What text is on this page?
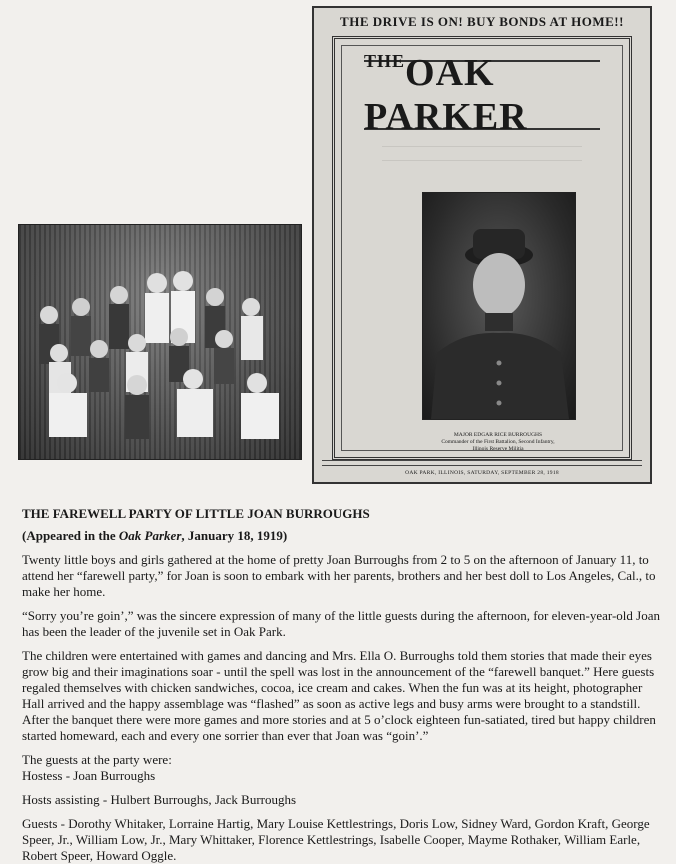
THE DRIVE IS ON! BUY BONDS AT HOME!!
$^{THE}$OAK PARKER
MAJOR EDGAR RICE BURROUGHS
Commander of the First Battalion, Second Infantry,
Illinois Reserve Militia
OAK PARK, ILLINOIS, SATURDAY, SEPTEMBER 28, 1918

THE FAREWELL PARTY OF LITTLE JOAN BURROUGHS

(Appeared in the Oak Parker, January 18, 1919)

Twenty little boys and girls gathered at the home of pretty Joan Burroughs from 2 to 5 on the afternoon of January 11, to attend her “farewell party,” for Joan is soon to embark with her parents, brothers and her best doll to Los Angeles, Cal., to make her home.

“Sorry you’re goin’,” was the sincere expression of many of the little guests during the afternoon, for eleven-year-old Joan has been the leader of the juvenile set in Oak Park.

The children were entertained with games and dancing and Mrs. Ella O. Burroughs told them stories that made their eyes grow big and their imaginations soar - until the spell was lost in the announcement of the “farewell banquet.” Here guests regaled themselves with chicken sandwiches, cocoa, ice cream and cakes. When the fun was at its height, photographer Hall arrived and the happy assemblage was “flashed” as soon as active legs and busy arms were brought to a standstill. After the banquet there were more games and more stories and at 5 o’clock eighteen fun-satiated, tired but happy children started homeward, each and every one sorrier than ever that Joan was “goin’.”

The guests at the party were:

Hostess - Joan Burroughs

Hosts assisting - Hulbert Burroughs, Jack Burroughs

Guests - Dorothy Whitaker, Lorraine Hartig, Mary Louise Kettlestrings, Doris Low, Sidney Ward, Gordon Kraft, George Speer, Jr., William Low, Jr., Mary Whittaker, Florence Kettlestrings, Isabelle Cooper, Mayme Rothaker, William Earle, Robert Speer, Howard Oggle.
